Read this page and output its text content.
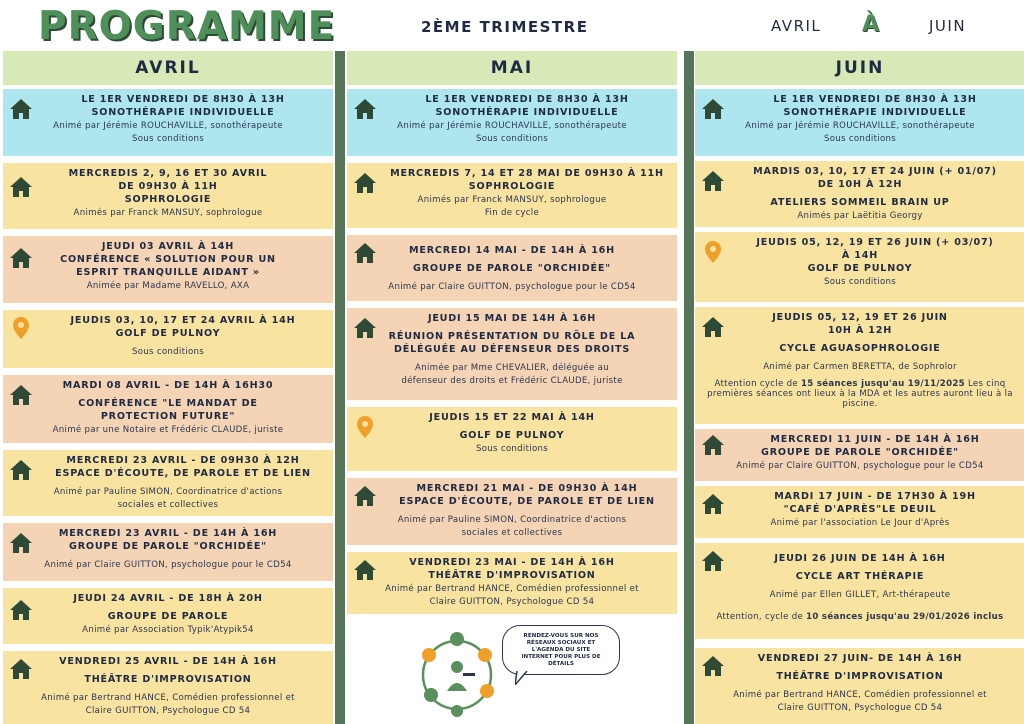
PROGRAMME	2ÈME TRIMESTRE	AVRIL À	JUIN
AVRIL
LE 1ER VENDREDI DE 8H30 À 13H
SONOTHÉRAPIE INDIVIDUELLE
Animé par Jérémie ROUCHAVILLE, sonothérapeute
Sous conditions
MERCREDIS 2, 9, 16 ET 30 AVRIL
DE 09H30 À 11H
SOPHROLOGIE
Animés par Franck MANSUY, sophrologue
JEUDI 03 AVRIL À 14H
CONFÉRENCE « SOLUTION POUR UN
ESPRIT TRANQUILLE AIDANT »
Animée par Madame RAVELLO, AXA
JEUDIS 03, 10, 17 ET 24 AVRIL À 14H
GOLF DE PULNOY
Sous conditions
MARDI 08 AVRIL - DE 14H À 16H30
CONFÉRENCE "LE MANDAT DE
PROTECTION FUTURE"
Animé par une Notaire et Frédéric CLAUDE, juriste
MERCREDI 23 AVRIL - DE 09H30 À 12H
ESPACE D'ÉCOUTE, DE PAROLE ET DE LIEN
Animé par Pauline SIMON, Coordinatrice d'actions
sociales et collectives
MERCREDI 23 AVRIL - DE 14H À 16H
GROUPE DE PAROLE "ORCHIDÉE"
Animé par Claire GUITTON, psychologue pour le CD54
JEUDI 24 AVRIL - DE 18H À 20H
GROUPE DE PAROLE
Animé par Association Typik'Atypik54
VENDREDI 25 AVRIL - DE 14H À 16H
THÉÂTRE D'IMPROVISATION
Animé par Bertrand HANCE, Comédien professionnel et
Claire GUITTON, Psychologue CD 54
MAI
LE 1ER VENDREDI DE 8H30 À 13H
SONOTHÉRAPIE INDIVIDUELLE
Animé par Jérémie ROUCHAVILLE, sonothérapeute
Sous conditions
MERCREDIS 7, 14 ET 28 MAI DE 09H30 À 11H
SOPHROLOGIE
Animés par Franck MANSUY, sophrologue
Fin de cycle
MERCREDI 14 MAI - DE 14H À 16H
GROUPE DE PAROLE "ORCHIDÉE"
Animé par Claire GUITTON, psychologue pour le CD54
JEUDI 15 MAI DE 14H À 16H
RÉUNION PRÉSENTATION DU RÔLE DE LA
DÉLÉGUÉE AU DÉFENSEUR DES DROITS
Animée par Mme CHEVALIER, déléguée au
défenseur des droits et Frédéric CLAUDE, juriste
JEUDIS 15 ET 22 MAI À 14H
GOLF DE PULNOY
Sous conditions
MERCREDI 21 MAI - DE 09H30 À 14H
ESPACE D'ÉCOUTE, DE PAROLE ET DE LIEN
Animé par Pauline SIMON, Coordinatrice d'actions
sociales et collectives
VENDREDI 23 MAI - DE 14H À 16H
THÉÂTRE D'IMPROVISATION
Animé par Bertrand HANCE, Comédien professionnel et
Claire GUITTON, Psychologue CD 54
RENDEZ-VOUS SUR NOS
RÉSEAUX SOCIAUX ET
L'AGENDA DU SITE
INTERNET POUR PLUS DE
DÉTAILS
JUIN
LE 1ER VENDREDI DE 8H30 À 13H
SONOTHÉRAPIE INDIVIDUELLE
Animé par Jérémie ROUCHAVILLE, sonothérapeute
Sous conditions
MARDIS 03, 10, 17 ET 24 JUIN (+ 01/07)
DE 10H À 12H
ATELIERS SOMMEIL BRAIN UP
Animés par Laëtitia Georgy
JEUDIS 05, 12, 19 ET 26 JUIN (+ 03/07)
À 14H
GOLF DE PULNOY
Sous conditions
JEUDIS 05, 12, 19 ET 26 JUIN
10H À 12H
CYCLE AGUASOPHROLOGIE
Animé par Carmen BERETTA, de Sophrolor
Attention cycle de 15 séances jusqu'au 19/11/2025 Les cinq premières séances ont lieux à la MDA et les autres auront lieu à la piscine.
MERCREDI 11 JUIN - DE 14H À 16H
GROUPE DE PAROLE "ORCHIDÉE"
Animé par Claire GUITTON, psychologue pour le CD54
MARDI 17 JUIN - DE 17H30 À 19H
"CAFÉ D'APRÈS"LE DEUIL
Animé par l'association Le Jour d'Après
JEUDI 26 JUIN DE 14H À 16H
CYCLE ART THÉRAPIE
Animé par Ellen GILLET, Art-thérapeute
Attention, cycle de 10 séances jusqu'au 29/01/2026 inclus
VENDREDI 27 JUIN- DE 14H À 16H
THÉÂTRE D'IMPROVISATION
Animé par Bertrand HANCE, Comédien professionnel et
Claire GUITTON, Psychologue CD 54
